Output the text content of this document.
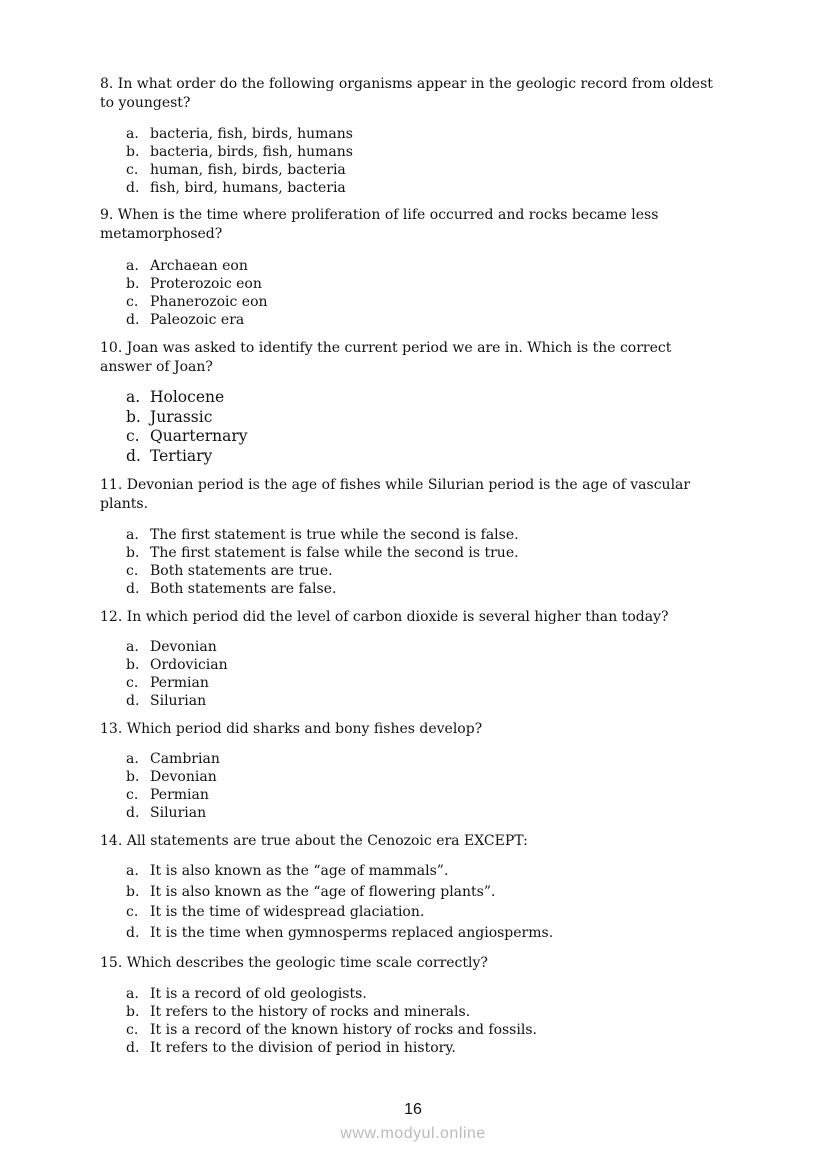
8. In what order do the following organisms appear in the geologic record from oldest to youngest?
a. bacteria, fish, birds, humans
b. bacteria, birds, fish, humans
c. human, fish, birds, bacteria
d. fish, bird, humans, bacteria
9. When is the time where proliferation of life occurred and rocks became less metamorphosed?
a. Archaean eon
b. Proterozoic eon
c. Phanerozoic eon
d. Paleozoic era
10. Joan was asked to identify the current period we are in. Which is the correct answer of Joan?
a. Holocene
b. Jurassic
c. Quarternary
d. Tertiary
11. Devonian period is the age of fishes while Silurian period is the age of vascular plants.
a. The first statement is true while the second is false.
b. The first statement is false while the second is true.
c. Both statements are true.
d. Both statements are false.
12. In which period did the level of carbon dioxide is several higher than today?
a. Devonian
b. Ordovician
c. Permian
d. Silurian
13. Which period did sharks and bony fishes develop?
a. Cambrian
b. Devonian
c. Permian
d. Silurian
14. All statements are true about the Cenozoic era EXCEPT:
a. It is also known as the “age of mammals”.
b. It is also known as the “age of flowering plants”.
c. It is the time of widespread glaciation.
d. It is the time when gymnosperms replaced angiosperms.
15. Which describes the geologic time scale correctly?
a. It is a record of old geologists.
b. It refers to the history of rocks and minerals.
c. It is a record of the known history of rocks and fossils.
d. It refers to the division of period in history.
16
www.modyul.online
